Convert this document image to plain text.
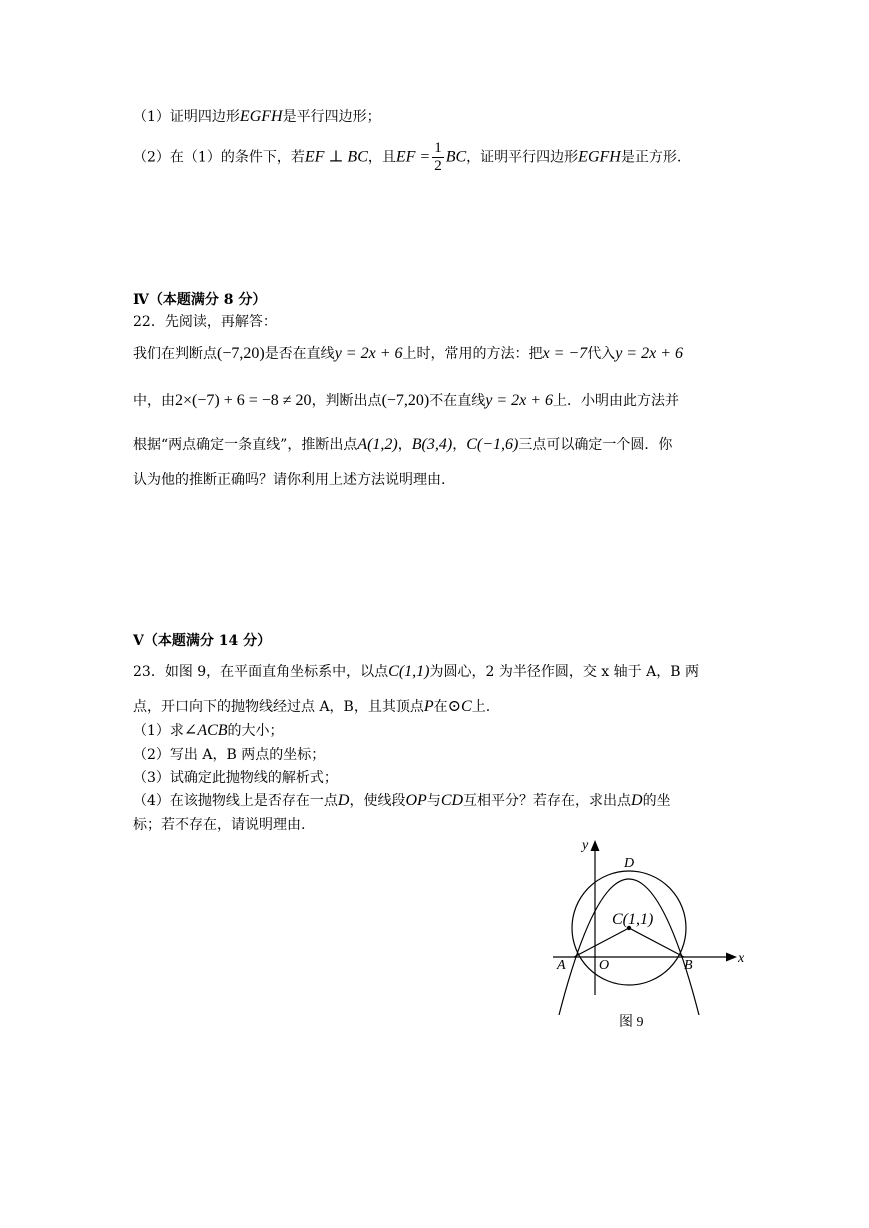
（1）证明四边形EGFH是平行四边形；
（2）在（1）的条件下，若EF ⊥ BC，且EF = $\frac{1}{2}$ BC，证明平行四边形EGFH是正方形.
Ⅳ（本题满分 8 分）
22．先阅读，再解答：
我们在判断点(−7,20)是否在直线y = 2x + 6上时，常用的方法：把x = −7代入y = 2x + 6
中，由2×(−7) + 6 = −8 ≠ 20，判断出点(−7,20)不在直线y = 2x + 6上．小明由此方法并
根据“两点确定一条直线”，推断出点A(1,2)，B(3,4)，C(−1,6)三点可以确定一个圆．你
认为他的推断正确吗？请你利用上述方法说明理由.
Ⅴ（本题满分 14 分）
23．如图 9，在平面直角坐标系中，以点C(1,1)为圆心，2 为半径作圆，交 x 轴于 A，B 两
点，开口向下的抛物线经过点 A，B，且其顶点P在⊙C上.
（1）求∠ACB的大小；
（2）写出 A，B 两点的坐标；
（3）试确定此抛物线的解析式；
（4）在该抛物线上是否存在一点D，使线段OP与CD互相平分？若存在，求出点D的坐
标；若不存在，请说明理由.
y
x
D
C(1,1)
A O	B
图 9
